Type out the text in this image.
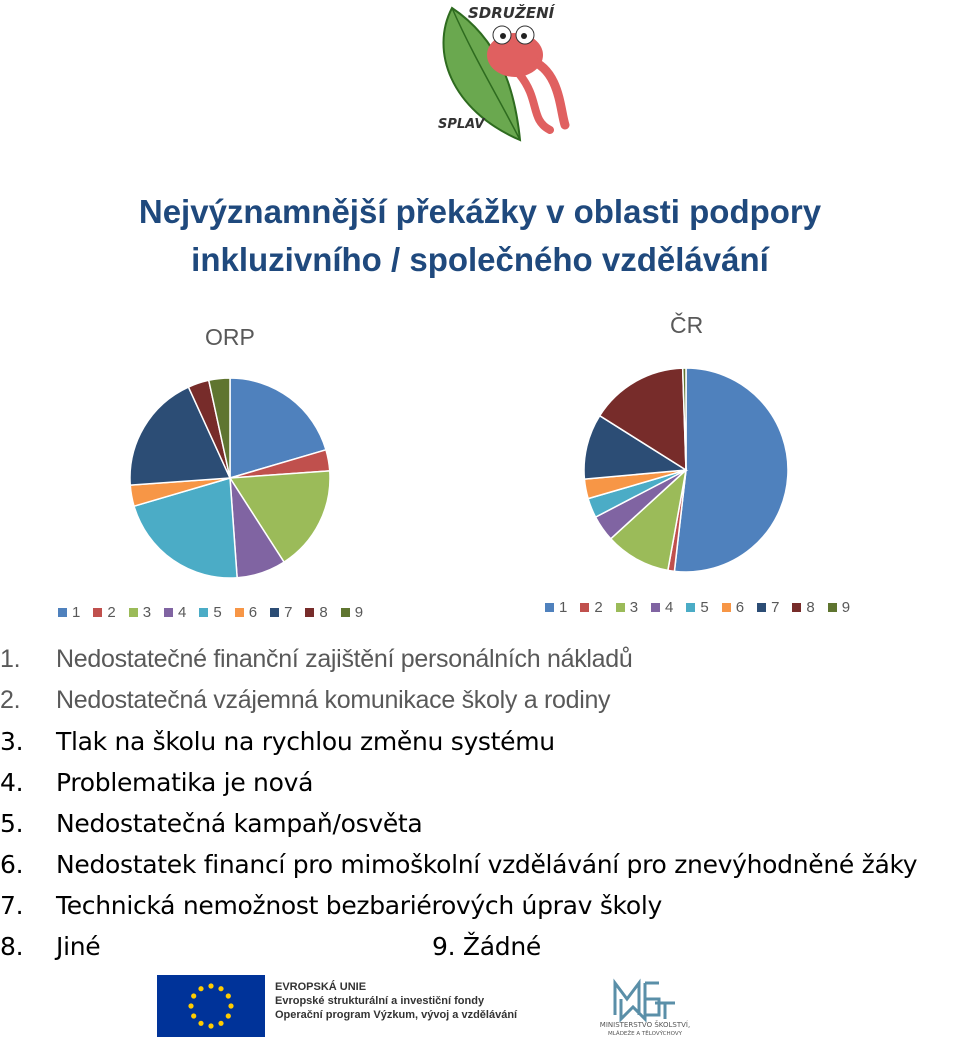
SDRUŽENÍ
SPLAV
Nejvýznamnější překážky v oblasti podpory
inkluzivního / společného vzdělávání
ORP	ČR
1 2 3 4 5 6 7 8 9	1 2 3 4 5 6 7 8 9
1. Nedostatečné finanční zajištění personálních nákladů
2. Nedostatečná vzájemná komunikace školy a rodiny
3. Tlak na školu na rychlou změnu systému
4. Problematika je nová
5. Nedostatečná kampaň/osvěta
6. Nedostatek financí pro mimoškolní vzdělávání pro znevýhodněné žáky
7. Technická nemožnost bezbariérových úprav školy
8. Jiné	9. Žádné
EVROPSKÁ UNIE
Evropské strukturální a investiční fondy
Operační program Výzkum, vývoj a vzdělávání
MINISTERSTVO ŠKOLSTVÍ,
MLÁDEŽE A TĚLOVÝCHOVY
